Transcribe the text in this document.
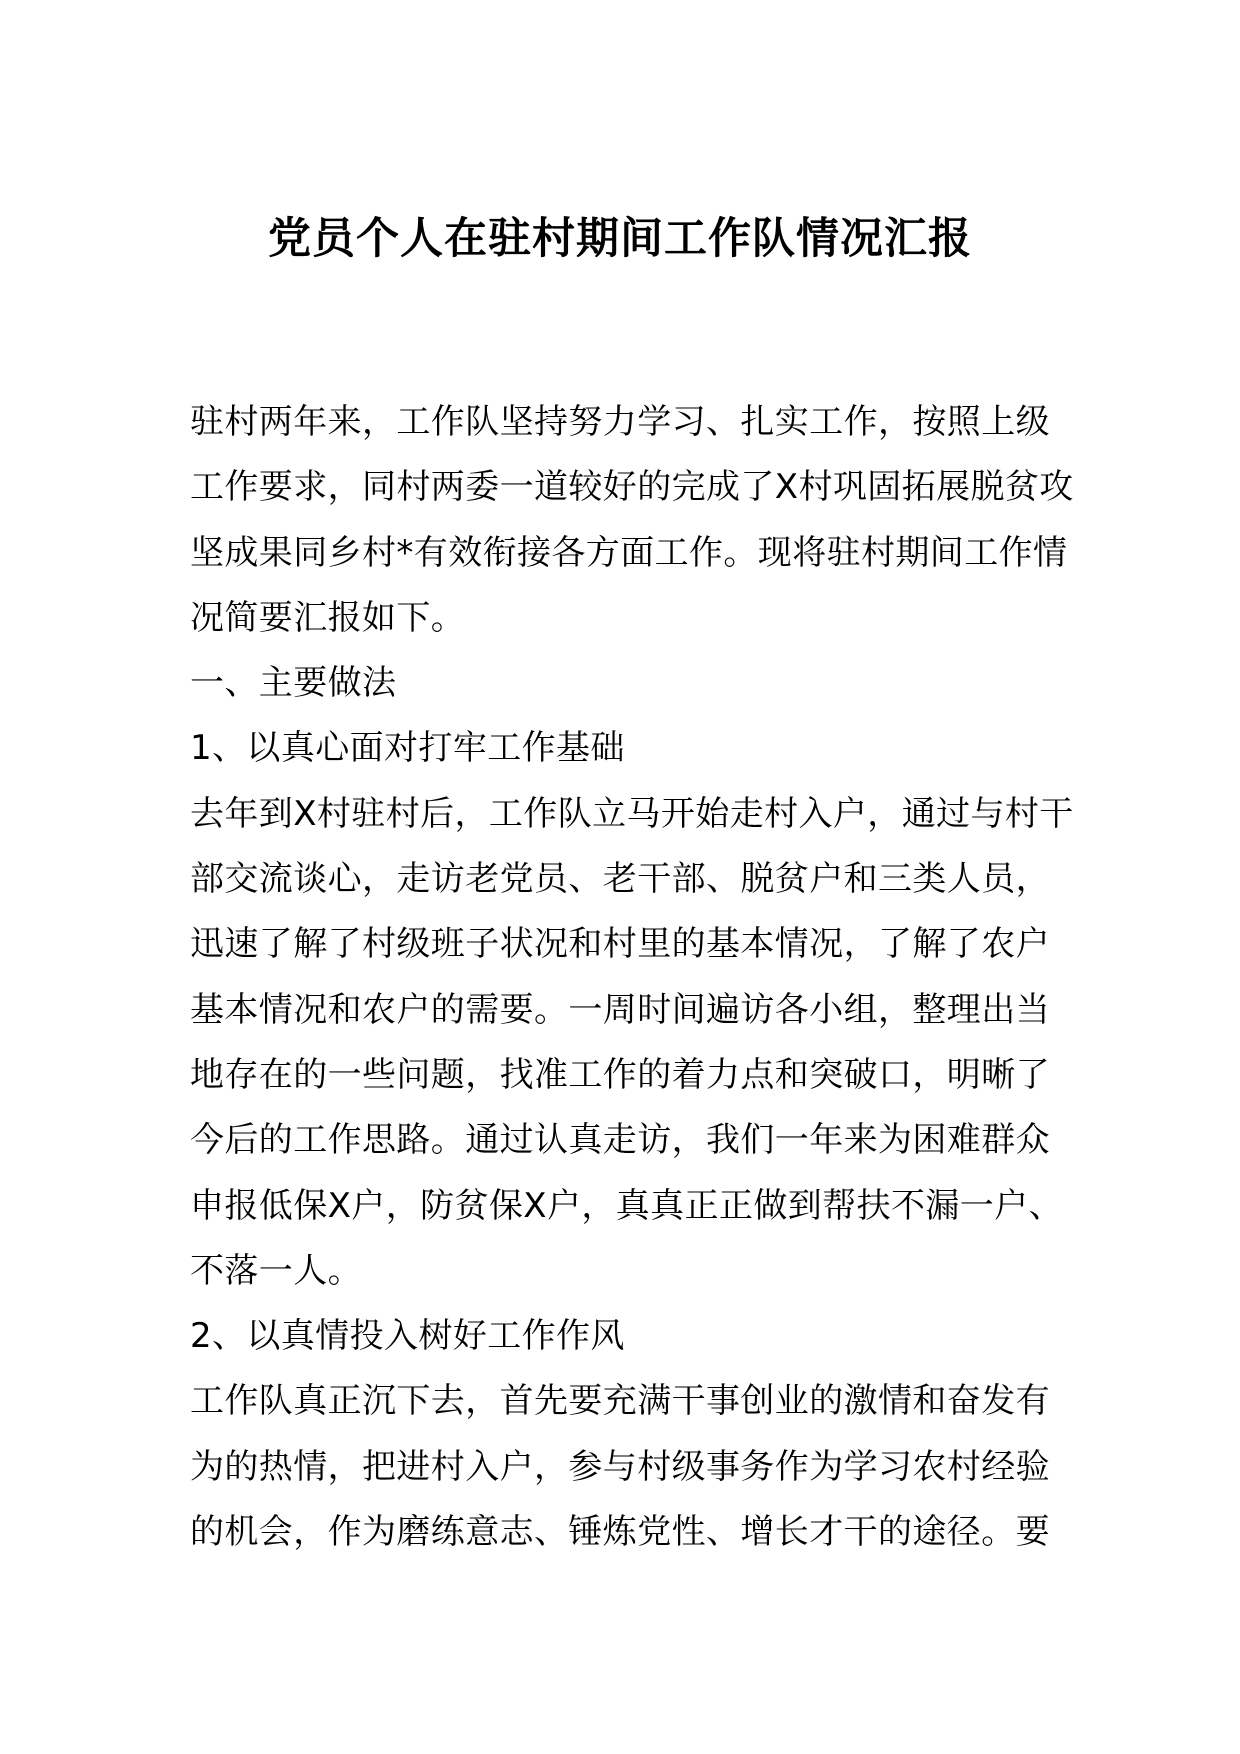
党员个人在驻村期间工作队情况汇报
驻村两年来，工作队坚持努力学习、扎实工作，按照上级
工作要求，同村两委一道较好的完成了X村巩固拓展脱贫攻
坚成果同乡村*有效衔接各方面工作。现将驻村期间工作情
况简要汇报如下。
一、主要做法
1、以真心面对打牢工作基础
去年到X村驻村后，工作队立马开始走村入户，通过与村干
部交流谈心，走访老党员、老干部、脱贫户和三类人员，
迅速了解了村级班子状况和村里的基本情况，了解了农户
基本情况和农户的需要。一周时间遍访各小组，整理出当
地存在的一些问题，找准工作的着力点和突破口，明晰了
今后的工作思路。通过认真走访，我们一年来为困难群众
申报低保X户，防贫保X户，真真正正做到帮扶不漏一户、
不落一人。
2、以真情投入树好工作作风
工作队真正沉下去，首先要充满干事创业的激情和奋发有
为的热情，把进村入户，参与村级事务作为学习农村经验
的机会，作为磨练意志、锤炼党性、增长才干的途径。要
